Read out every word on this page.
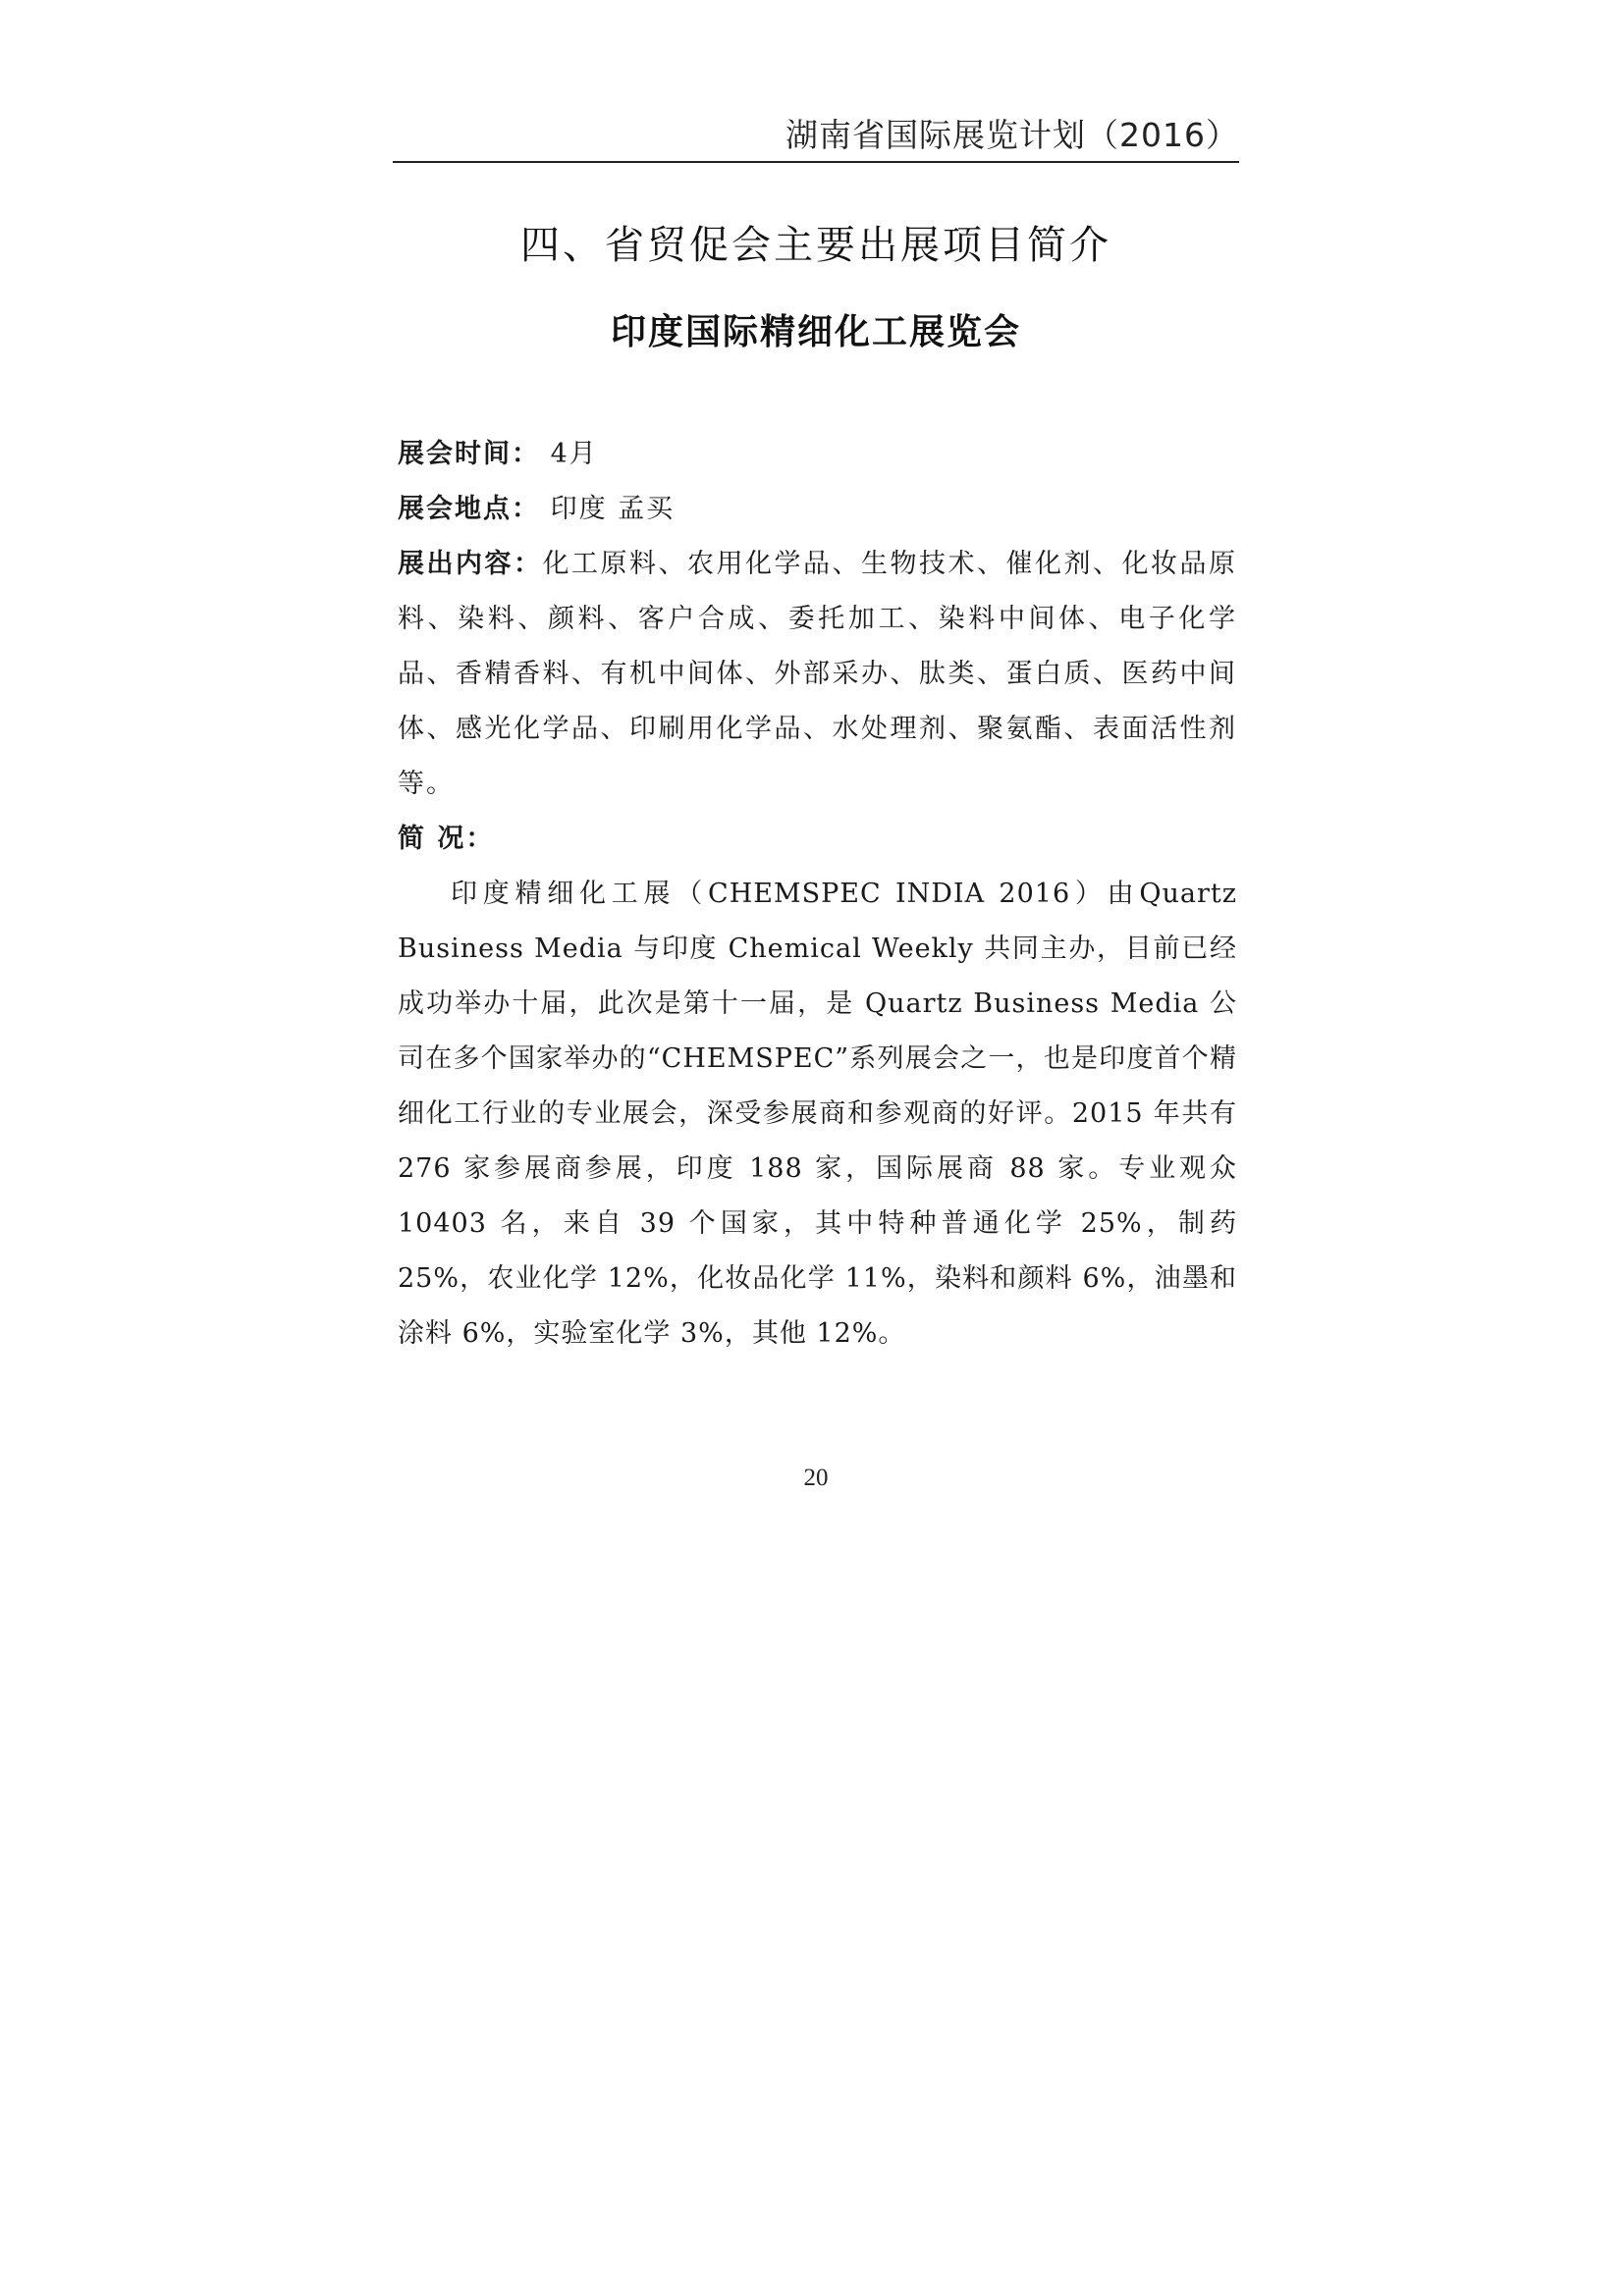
湖南省国际展览计划（2016）
四、省贸促会主要出展项目简介
印度国际精细化工展览会

展会时间： 4月

展会地点： 印度 孟买

展出内容：化工原料、农用化学品、生物技术、催化剂、化妆品原料、染料、颜料、客户合成、委托加工、染料中间体、电子化学品、香精香料、有机中间体、外部采办、肽类、蛋白质、医药中间体、感光化学品、印刷用化学品、水处理剂、聚氨酯、表面活性剂等。

简 况：

印度精细化工展（CHEMSPEC INDIA 2016）由Quartz Business Media 与印度 Chemical Weekly 共同主办，目前已经成功举办十届，此次是第十一届，是 Quartz Business Media 公司在多个国家举办的“CHEMSPEC”系列展会之一，也是印度首个精细化工行业的专业展会，深受参展商和参观商的好评。2015 年共有 276 家参展商参展，印度 188 家，国际展商 88 家。专业观众 10403 名，来自 39 个国家，其中特种普通化学 25%，制药 25%，农业化学 12%，化妆品化学 11%，染料和颜料 6%，油墨和涂料 6%，实验室化学 3%，其他 12%。

20
